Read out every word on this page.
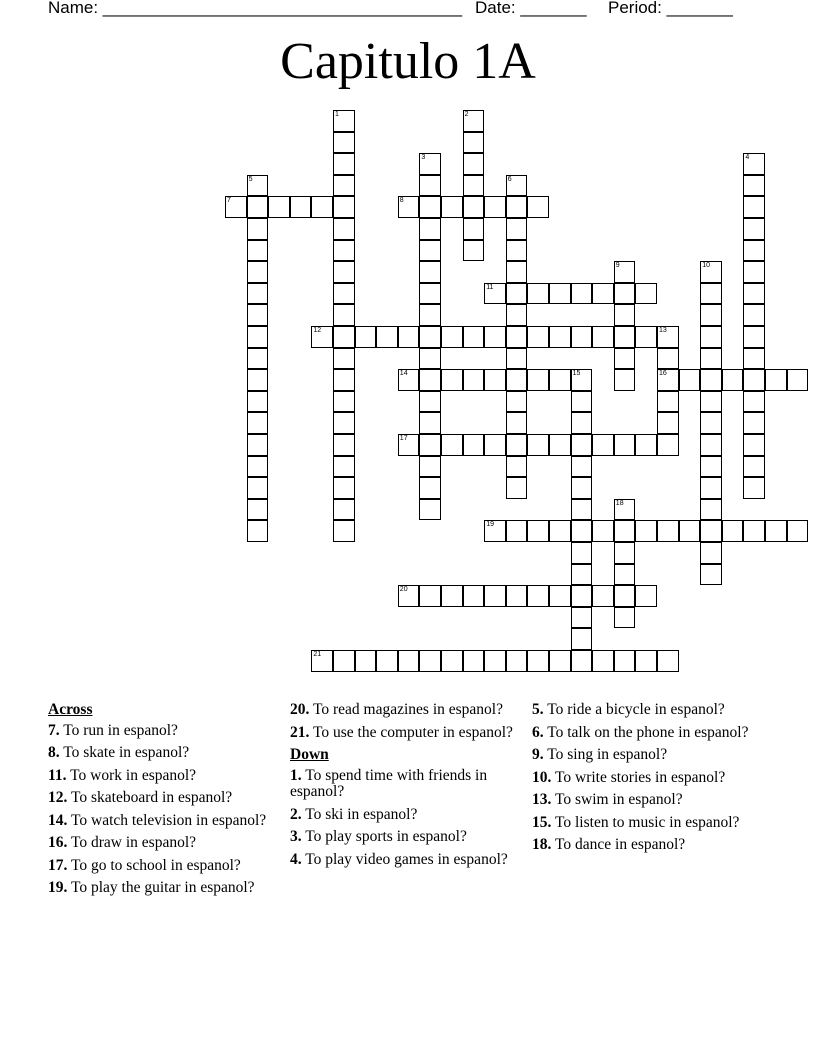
Name: ______________________________________ Date: _______ Period: _______
Capitulo 1A
1	2
3	4
5	6
7	8
9	10
11
12	13
16
14	15
17
18
19
20
21
Across
7. To run in espanol?
8. To skate in espanol?
11. To work in espanol?
12. To skateboard in espanol?
14. To watch television in espanol?
16. To draw in espanol?
17. To go to school in espanol?
19. To play the guitar in espanol?
20. To read magazines in espanol?
21. To use the computer in espanol?
Down
1. To spend time with friends in espanol?
2. To ski in espanol?
3. To play sports in espanol?
4. To play video games in espanol?
5. To ride a bicycle in espanol?
6. To talk on the phone in espanol?
9. To sing in espanol?
10. To write stories in espanol?
13. To swim in espanol?
15. To listen to music in espanol?
18. To dance in espanol?
